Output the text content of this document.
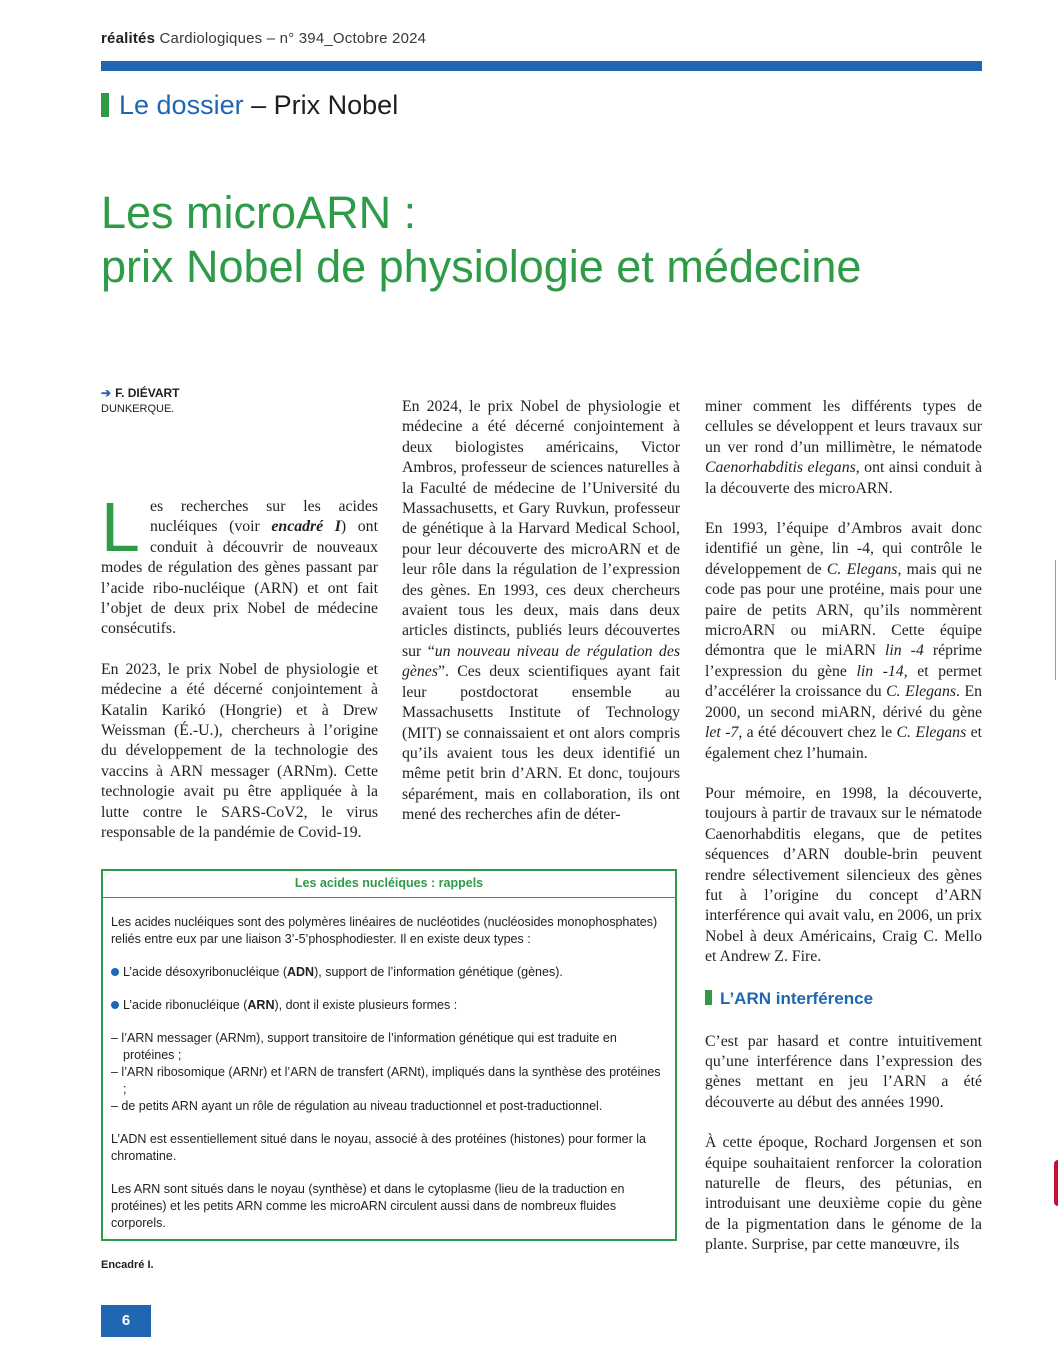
réalités Cardiologiques – n° 394_Octobre 2024
Le dossier – Prix Nobel
Les microARN :
prix Nobel de physiologie et médecine
➔ F. DIÉVART
DUNKERQUE.

Les recherches sur les acides nucléiques (voir encadré I) ont conduit à découvrir de nouveaux modes de régulation des gènes passant par l’acide ribo-nucléique (ARN) et ont fait l’objet de deux prix Nobel de médecine consécutifs.

En 2023, le prix Nobel de physiologie et médecine a été décerné conjointement à Katalin Karikó (Hongrie) et à Drew Weissman (É.-U.), chercheurs à l’origine du développement de la technologie des vaccins à ARN messager (ARNm). Cette technologie avait pu être appliquée à la lutte contre le SARS-CoV2, le virus responsable de la pandémie de Covid-19.

En 2024, le prix Nobel de physiologie et médecine a été décerné conjointement à deux biologistes américains, Victor Ambros, professeur de sciences naturelles à la Faculté de médecine de l’Université du Massachusetts, et Gary Ruvkun, professeur de génétique à la Harvard Medical School, pour leur découverte des microARN et de leur rôle dans la régulation de l’expression des gènes. En 1993, ces deux chercheurs avaient tous les deux, mais dans deux articles distincts, publiés leurs découvertes sur “un nouveau niveau de régulation des gènes”. Ces deux scientifiques ayant fait leur postdoctorat ensemble au Massachusetts Institute of Technology (MIT) se connaissaient et ont alors compris qu’ils avaient tous les deux identifié un même petit brin d’ARN. Et donc, toujours séparément, mais en collaboration, ils ont mené des recherches afin de déter-

miner comment les différents types de cellules se développent et leurs travaux sur un ver rond d’un millimètre, le nématode Caenorhabditis elegans, ont ainsi conduit à la découverte des microARN.

En 1993, l’équipe d’Ambros avait donc identifié un gène, lin -4, qui contrôle le développement de C. Elegans, mais qui ne code pas pour une protéine, mais pour une paire de petits ARN, qu’ils nommèrent microARN ou miARN. Cette équipe démontra que le miARN lin -4 réprime l’expression du gène lin -14, et permet d’accélérer la croissance du C. Elegans. En 2000, un second miARN, dérivé du gène let -7, a été découvert chez le C. Elegans et également chez l’humain.

Pour mémoire, en 1998, la découverte, toujours à partir de travaux sur le nématode Caenorhabditis elegans, que de petites séquences d’ARN double-brin peuvent rendre sélectivement silencieux des gènes fut à l’origine du concept d’ARN interférence qui avait valu, en 2006, un prix Nobel à deux Américains, Craig C. Mello et Andrew Z. Fire.

L’ARN interférence

C’est par hasard et contre intuitivement qu’une interférence dans l’expression des gènes mettant en jeu l’ARN a été découverte au début des années 1990.

À cette époque, Rochard Jorgensen et son équipe souhaitaient renforcer la coloration naturelle de fleurs, des pétunias, en introduisant une deuxième copie du gène de la pigmentation dans le génome de la plante. Surprise, par cette manœuvre, ils

Les acides nucléiques : rappels

Les acides nucléiques sont des polymères linéaires de nucléotides (nucléosides monophosphates) reliés entre eux par une liaison 3’-5’phosphodiester. Il en existe deux types :

L’acide désoxyribonucléique (ADN), support de l’information génétique (gènes).

L’acide ribonucléique (ARN), dont il existe plusieurs formes :

– l’ARN messager (ARNm), support transitoire de l’information génétique qui est traduite en protéines ;

– l’ARN ribosomique (ARNr) et l’ARN de transfert (ARNt), impliqués dans la synthèse des protéines ;

– de petits ARN ayant un rôle de régulation au niveau traductionnel et post-traductionnel.

L’ADN est essentiellement situé dans le noyau, associé à des protéines (histones) pour former la chromatine.

Les ARN sont situés dans le noyau (synthèse) et dans le cytoplasme (lieu de la traduction en protéines) et les petits ARN comme les microARN circulent aussi dans de nombreux fluides corporels.

Encadré I.
6
